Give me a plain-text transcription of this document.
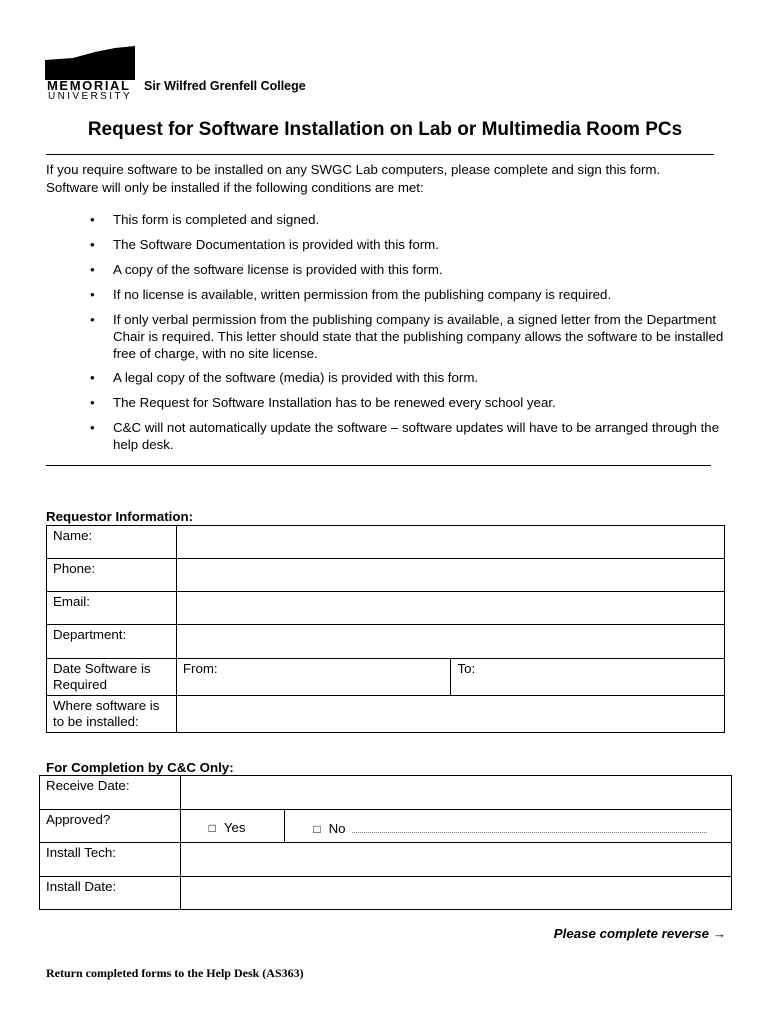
MEMORIAL
UNIVERSITY
Sir Wilfred Grenfell College
Request for Software Installation on Lab or Multimedia Room PCs
If you require software to be installed on any SWGC Lab computers, please complete and sign this form.
Software will only be installed if the following conditions are met:
•	This form is completed and signed.
•	The Software Documentation is provided with this form.
•	A copy of the software license is provided with this form.
•	If no license is available, written permission from the publishing company is required.
•	If only verbal permission from the publishing company is available, a signed letter from the Department Chair is required. This letter should state that the publishing company allows the software to be installed free of charge, with no site license.
•	A legal copy of the software (media) is provided with this form.
•	The Request for Software Installation has to be renewed every school year.
•	C&C will not automatically update the software – software updates will have to be arranged through the help desk.
Requestor Information:
Name:		
Phone:		
Email:		
Department:		
Date Software is Required	From:	To:
Where software is to be installed:		
For Completion by C&C Only:
Receive Date:		
Approved?	□ Yes	□ No
Install Tech:		
Install Date:		
Please complete reverse →
Return completed forms to the Help Desk (AS363)
